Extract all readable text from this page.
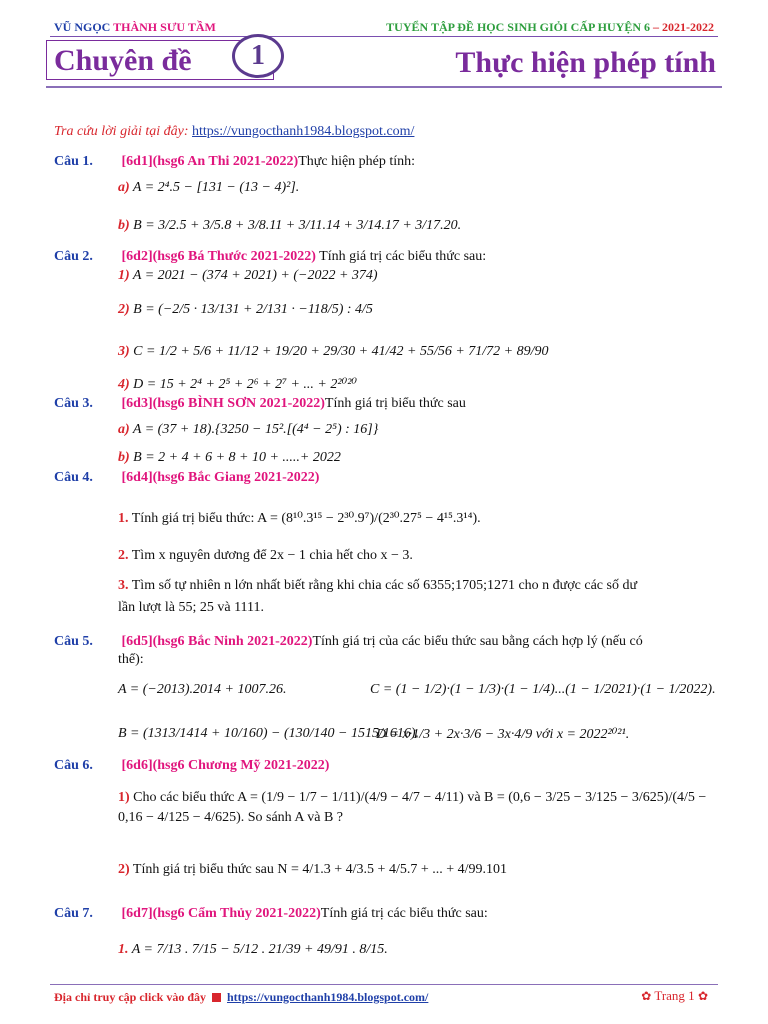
VŨ NGỌC THÀNH SƯU TẦM	TUYỂN TẬP ĐỀ HỌC SINH GIỎI CẤP HUYỆN 6 – 2021-2022
Chuyên đề	1	Thực hiện phép tính
Tra cứu lời giải tại đây: https://vungocthanh1984.blogspot.com/
Câu 1. [6d1](hsg6 An Thi 2021-2022)Thực hiện phép tính:
a) A = 2⁴.5 − [131 − (13 − 4)²].
b) B = 3/2.5 + 3/5.8 + 3/8.11 + 3/11.14 + 3/14.17 + 3/17.20.
Câu 2. [6d2](hsg6 Bá Thước 2021-2022) Tính giá trị các biểu thức sau:
1) A = 2021 − (374 + 2021) + (−2022 + 374)
2) B = (−2/5 · 13/131 + 2/131 · −118/5) : 4/5
3) C = 1/2 + 5/6 + 11/12 + 19/20 + 29/30 + 41/42 + 55/56 + 71/72 + 89/90
4) D = 15 + 2⁴ + 2⁵ + 2⁶ + 2⁷ + ... + 2²⁰²⁰
Câu 3. [6d3](hsg6 BÌNH SƠN 2021-2022)Tính giá trị biểu thức sau
a) A = (37 + 18).{3250 − 15².[(4⁴ − 2⁵) : 16]}
b) B = 2 + 4 + 6 + 8 + 10 + .....+ 2022
Câu 4. [6d4](hsg6 Bắc Giang 2021-2022)
1. Tính giá trị biểu thức: A = (8¹⁰.3¹⁵ − 2³⁰.9⁷)/(2³⁰.27⁵ − 4¹⁵.3¹⁴).
2. Tìm x nguyên dương để 2x − 1 chia hết cho x − 3.
3. Tìm số tự nhiên n lớn nhất biết rằng khi chia các số 6355;1705;1271 cho n được các số dư
lần lượt là 55; 25 và 1111.
Câu 5. [6d5](hsg6 Bắc Ninh 2021-2022)Tính giá trị của các biểu thức sau bằng cách hợp lý (nếu có
thể):
A = (−2013).2014 + 1007.26.	C = (1 − 1/2)·(1 − 1/3)·(1 − 1/4)...(1 − 1/2021)·(1 − 1/2022).
B = (1313/1414 + 10/160) − (130/140 − 1515/1616).
D = x·1/3 + 2x·3/6 − 3x·4/9 với x = 2022²⁰²¹.
Câu 6. [6d6](hsg6 Chương Mỹ 2021-2022)
1) Cho các biểu thức A = (1/9 − 1/7 − 1/11)/(4/9 − 4/7 − 4/11) và B = (0,6 − 3/25 − 3/125 − 3/625)/(4/5 − 0,16 − 4/125 − 4/625). So sánh A và B ?
2) Tính giá trị biểu thức sau N = 4/1.3 + 4/3.5 + 4/5.7 + ... + 4/99.101
Câu 7. [6d7](hsg6 Cẩm Thủy 2021-2022)Tính giá trị các biểu thức sau:
1. A = 7/13 . 7/15 − 5/12 . 21/39 + 49/91 . 8/15.
Địa chỉ truy cập click vào đây https://vungocthanh1984.blogspot.com/	✿ Trang 1 ✿
